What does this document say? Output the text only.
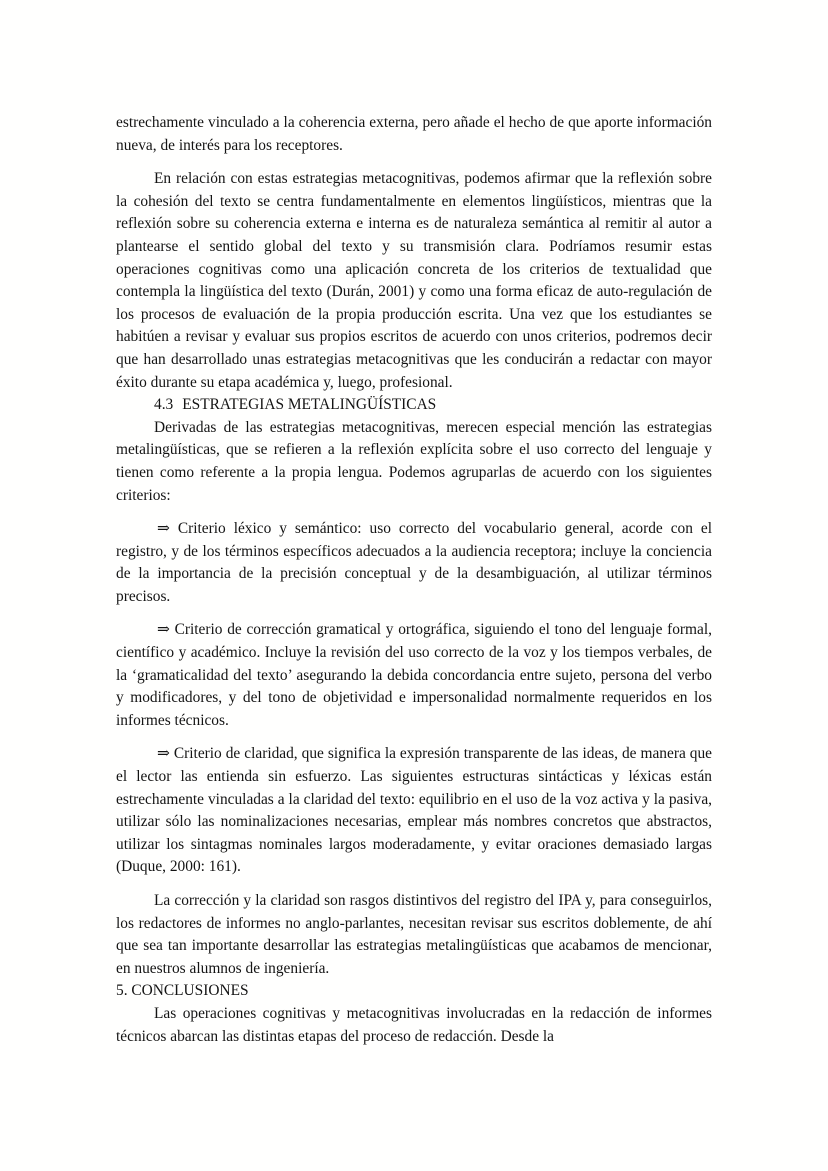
estrechamente vinculado a la coherencia externa, pero añade el hecho de que aporte información nueva, de interés para los receptores.

En relación con estas estrategias metacognitivas, podemos afirmar que la reflexión sobre la cohesión del texto se centra fundamentalmente en elementos lingüísticos, mientras que la reflexión sobre su coherencia externa e interna es de naturaleza semántica al remitir al autor a plantearse el sentido global del texto y su transmisión clara. Podríamos resumir estas operaciones cognitivas como una aplicación concreta de los criterios de textualidad que contempla la lingüística del texto (Durán, 2001) y como una forma eficaz de auto-regulación de los procesos de evaluación de la propia producción escrita. Una vez que los estudiantes se habitúen a revisar y evaluar sus propios escritos de acuerdo con unos criterios, podremos decir que han desarrollado unas estrategias metacognitivas que les conducirán a redactar con mayor éxito durante su etapa académica y, luego, profesional.

4.3 ESTRATEGIAS METALINGÜÍSTICAS

Derivadas de las estrategias metacognitivas, merecen especial mención las estrategias metalingüísticas, que se refieren a la reflexión explícita sobre el uso correcto del lenguaje y tienen como referente a la propia lengua. Podemos agruparlas de acuerdo con los siguientes criterios:

⇒ Criterio léxico y semántico: uso correcto del vocabulario general, acorde con el registro, y de los términos específicos adecuados a la audiencia receptora; incluye la conciencia de la importancia de la precisión conceptual y de la desambiguación, al utilizar términos precisos.

⇒ Criterio de corrección gramatical y ortográfica, siguiendo el tono del lenguaje formal, científico y académico. Incluye la revisión del uso correcto de la voz y los tiempos verbales, de la ‘gramaticalidad del texto’ asegurando la debida concordancia entre sujeto, persona del verbo y modificadores, y del tono de objetividad e impersonalidad normalmente requeridos en los informes técnicos.

⇒ Criterio de claridad, que significa la expresión transparente de las ideas, de manera que el lector las entienda sin esfuerzo. Las siguientes estructuras sintácticas y léxicas están estrechamente vinculadas a la claridad del texto: equilibrio en el uso de la voz activa y la pasiva, utilizar sólo las nominalizaciones necesarias, emplear más nombres concretos que abstractos, utilizar los sintagmas nominales largos moderadamente, y evitar oraciones demasiado largas (Duque, 2000: 161).

La corrección y la claridad son rasgos distintivos del registro del IPA y, para conseguirlos, los redactores de informes no anglo-parlantes, necesitan revisar sus escritos doblemente, de ahí que sea tan importante desarrollar las estrategias metalingüísticas que acabamos de mencionar, en nuestros alumnos de ingeniería.

5. CONCLUSIONES

Las operaciones cognitivas y metacognitivas involucradas en la redacción de informes técnicos abarcan las distintas etapas del proceso de redacción. Desde la
